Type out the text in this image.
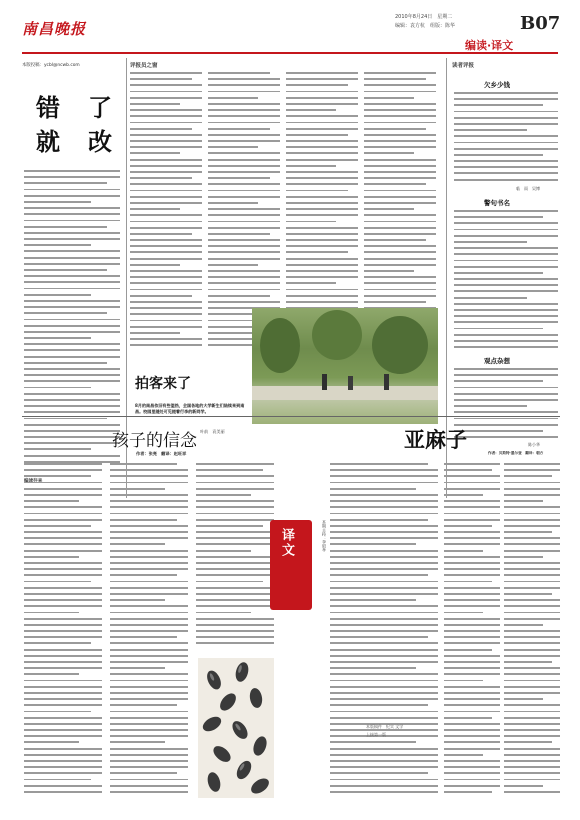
南昌晚报
2010年8月24日　星期二
编辑：袁方杭　组版：陈华	B07
编读·译文
本版投稿：ycbl@ncwb.com
错　了
就　改
评报员之窗
拍客来了
8月的南昌依旧有些湿热，全国各地的大学新生们陆续来到南昌。校园里随处可见提着行李的新同学。
叶前　袁美丽
读者评报
欠乡少钱
临　雨　吴博
警句书名
观点杂想
　陈小华
孩子的信念
作者：张亮　翻译：赵旺祥
译文	本期主持：李昭孝
亚麻子
作者：贝斯特·墨尔登　翻译：朝方
本版稿件　纪实 文学
上接第一版
